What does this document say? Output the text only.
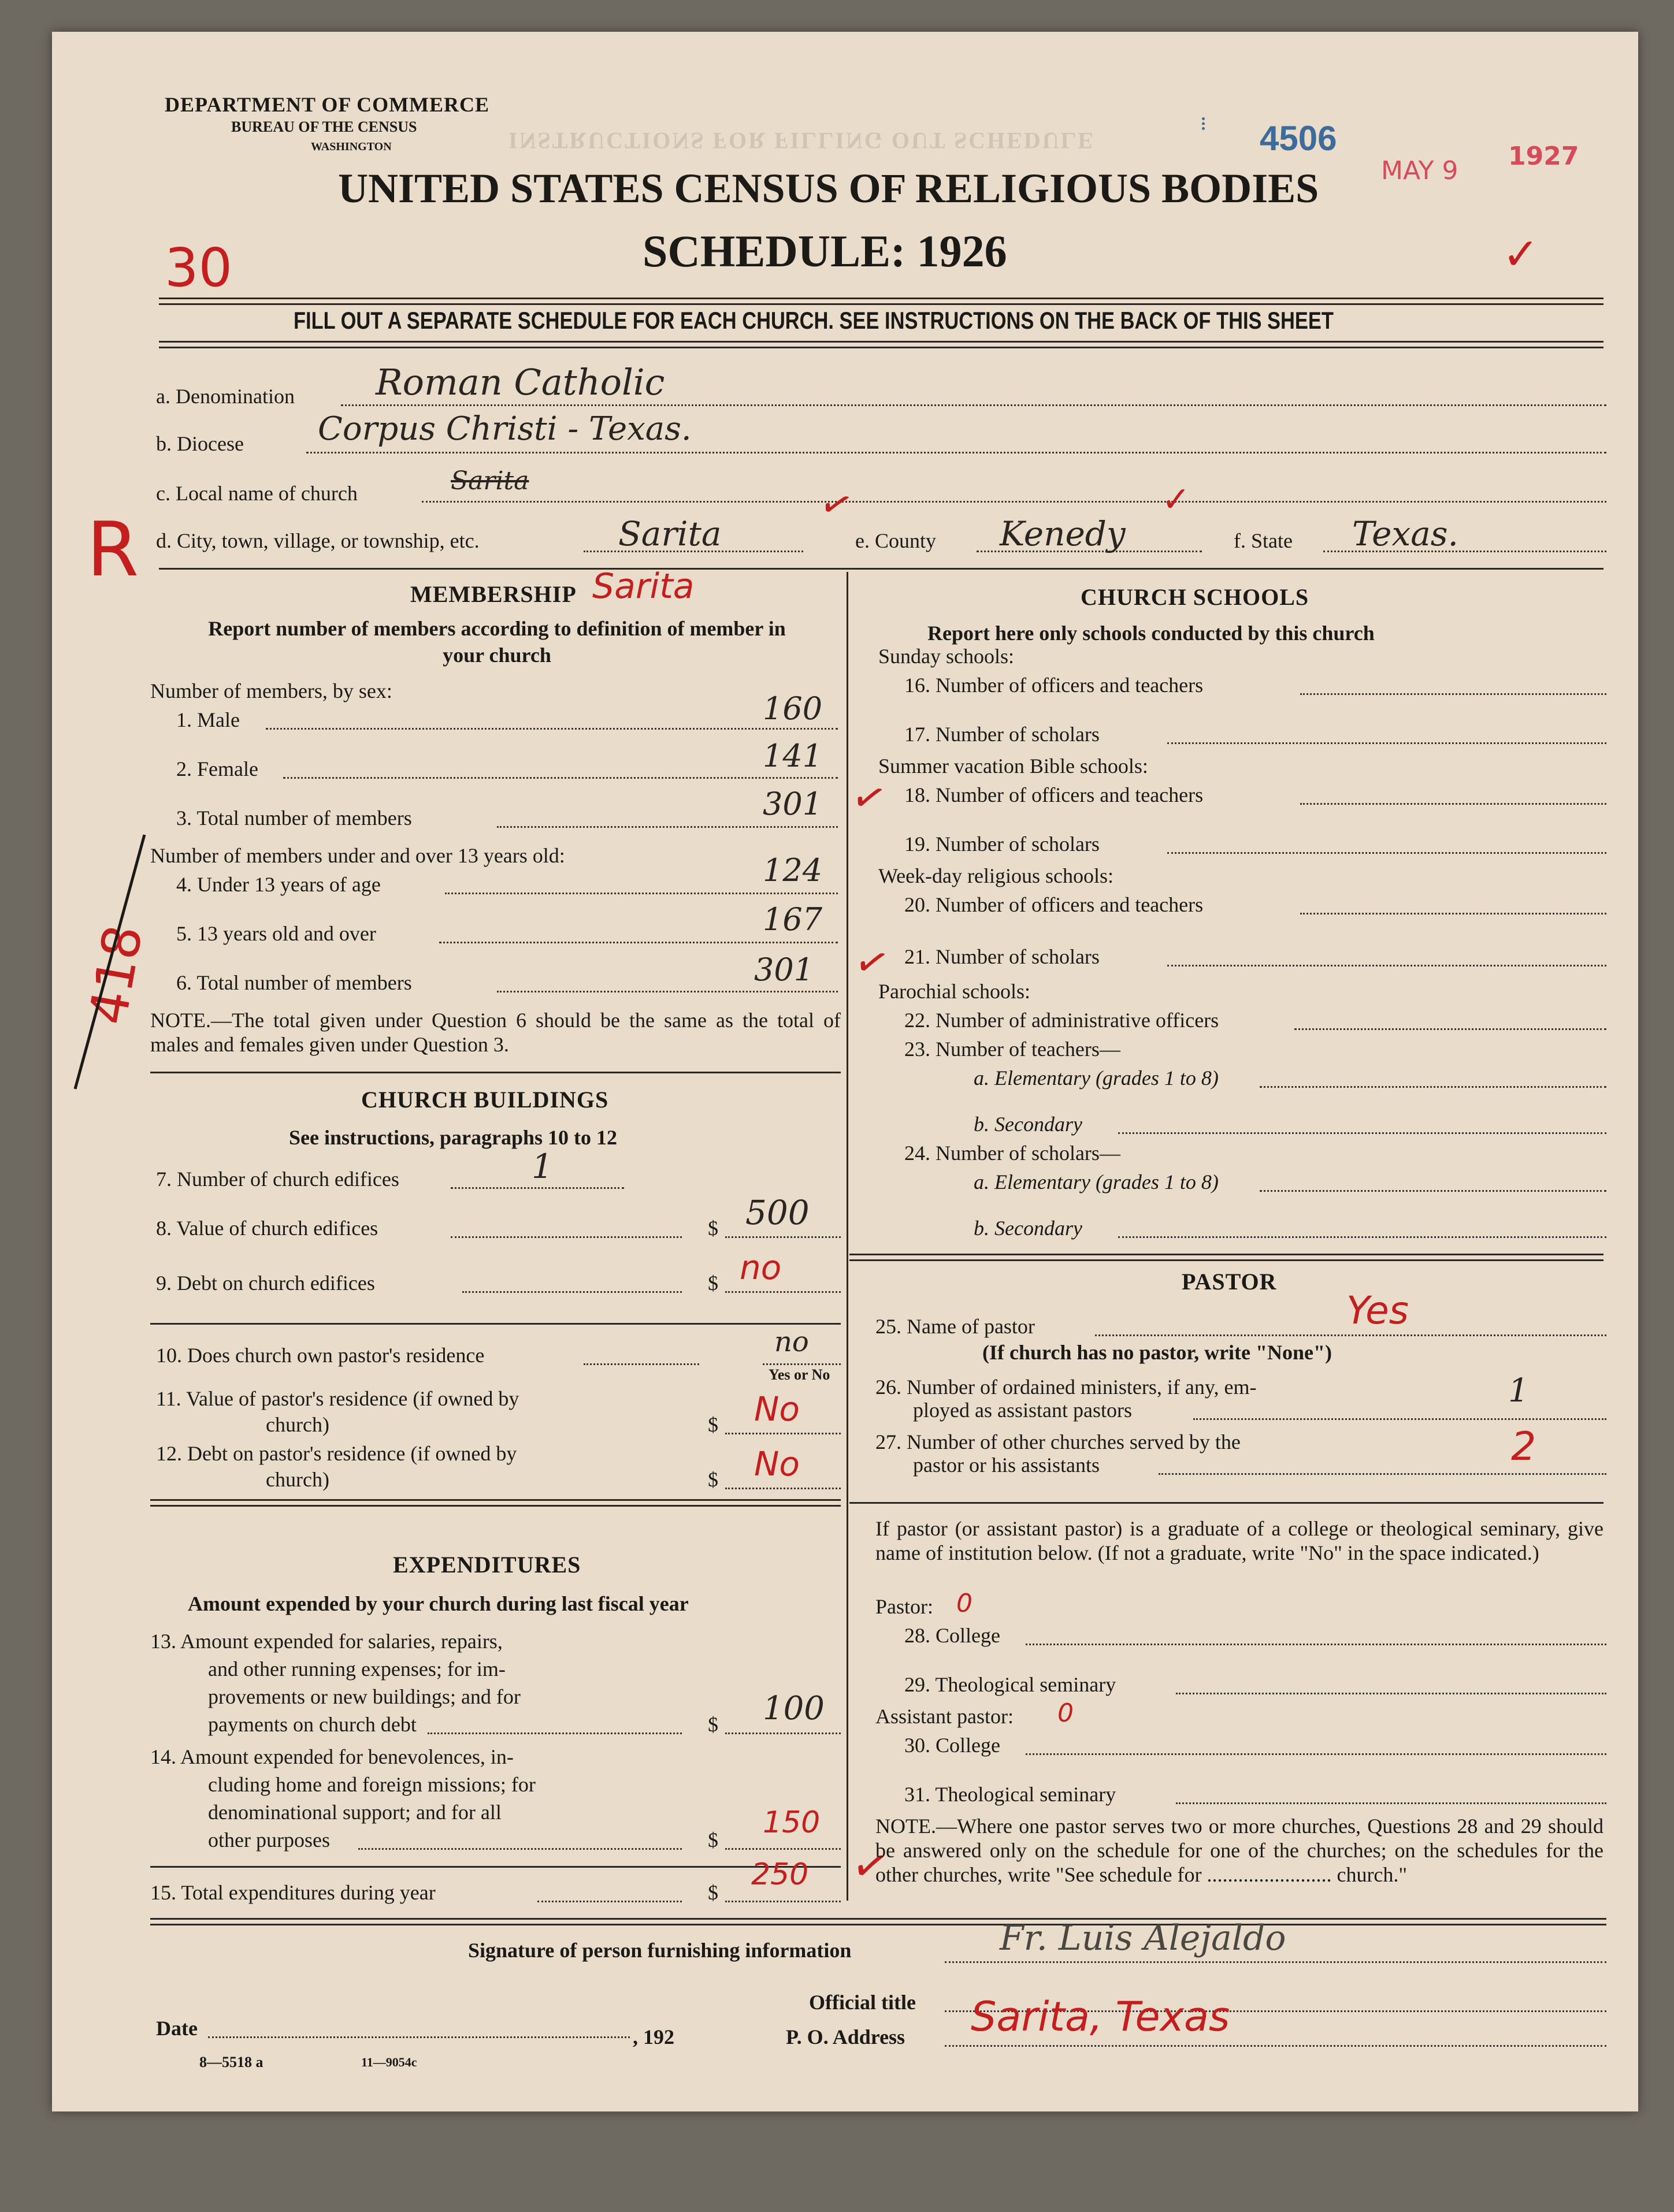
INSTRUCTIONS FOR FILLING OUT SCHEDULE
DEPARTMENT OF COMMERCE
BUREAU OF THE CENSUS
WASHINGTON
UNITED STATES CENSUS OF RELIGIOUS BODIES
SCHEDULE: 1926
4506
MAY 9 1927
✓
30
FILL OUT A SEPARATE SCHEDULE FOR EACH CHURCH. SEE INSTRUCTIONS ON THE BACK OF THIS SHEET
a. Denomination Roman Catholic
b. Diocese Corpus Christi - Texas.
c. Local name of church	Sarita
d. City, town, village, or township, etc.	Sarita	e. County Kenedy	f. State Texas.
R
418
✓	✓
MEMBERSHIP Sarita
Report number of members according to definition of member in your church
Number of members, by sex:
1. Male	160
2. Female	141
3. Total number of members	301 ✓
Number of members under and over 13 years old:
4. Under 13 years of age	124
5. 13 years old and over	167
6. Total number of members	301 ✓
NOTE.—The total given under Question 6 should be the same as the total of males and females given under Question 3.
CHURCH BUILDINGS
See instructions, paragraphs 10 to 12
7. Number of church edifices	1
8. Value of church edifices	$ 500
9. Debt on church edifices	$ no
10. Does church own pastor's residence	no
Yes or No
11. Value of pastor's residence (if owned by
church)	$ No
12. Debt on pastor's residence (if owned by
church)	$ No
EXPENDITURES
Amount expended by your church during last fiscal year
13. Amount expended for salaries, repairs,
and other running expenses; for im-
provements or new buildings; and for
payments on church debt	$ 100
14. Amount expended for benevolences, in-
cluding home and foreign missions; for
denominational support; and for all
other purposes	$ 150
15. Total expenditures during year	$
250 ✓
CHURCH SCHOOLS
Report here only schools conducted by this church
Sunday schools:
16. Number of officers and teachers
17. Number of scholars
Summer vacation Bible schools:
18. Number of officers and teachers
19. Number of scholars
Week-day religious schools:
20. Number of officers and teachers
21. Number of scholars
Parochial schools:
22. Number of administrative officers
23. Number of teachers—
a. Elementary (grades 1 to 8)
b. Secondary
24. Number of scholars—
a. Elementary (grades 1 to 8)
b. Secondary
PASTOR
25. Name of pastor	Yes
(If church has no pastor, write "None")
26. Number of ordained ministers, if any, em-
ployed as assistant pastors
1
27. Number of other churches served by the
pastor or his assistants	2
If pastor (or assistant pastor) is a graduate of a college or theological seminary, give name of institution below. (If not a graduate, write "No" in the space indicated.)
Pastor: 0
28. College
29. Theological seminary
Assistant pastor: 0
30. College
31. Theological seminary
NOTE.—Where one pastor serves two or more churches, Questions 28 and 29 should be answered only on the schedule for one of the churches; on the schedules for the other churches, write "See schedule for ........................ church."
Signature of person furnishing information	Fr. Luis Alejaldo
Official title
Date	, 192	P. O. Address Sarita, Texas
8—5518 a	11—9054c
